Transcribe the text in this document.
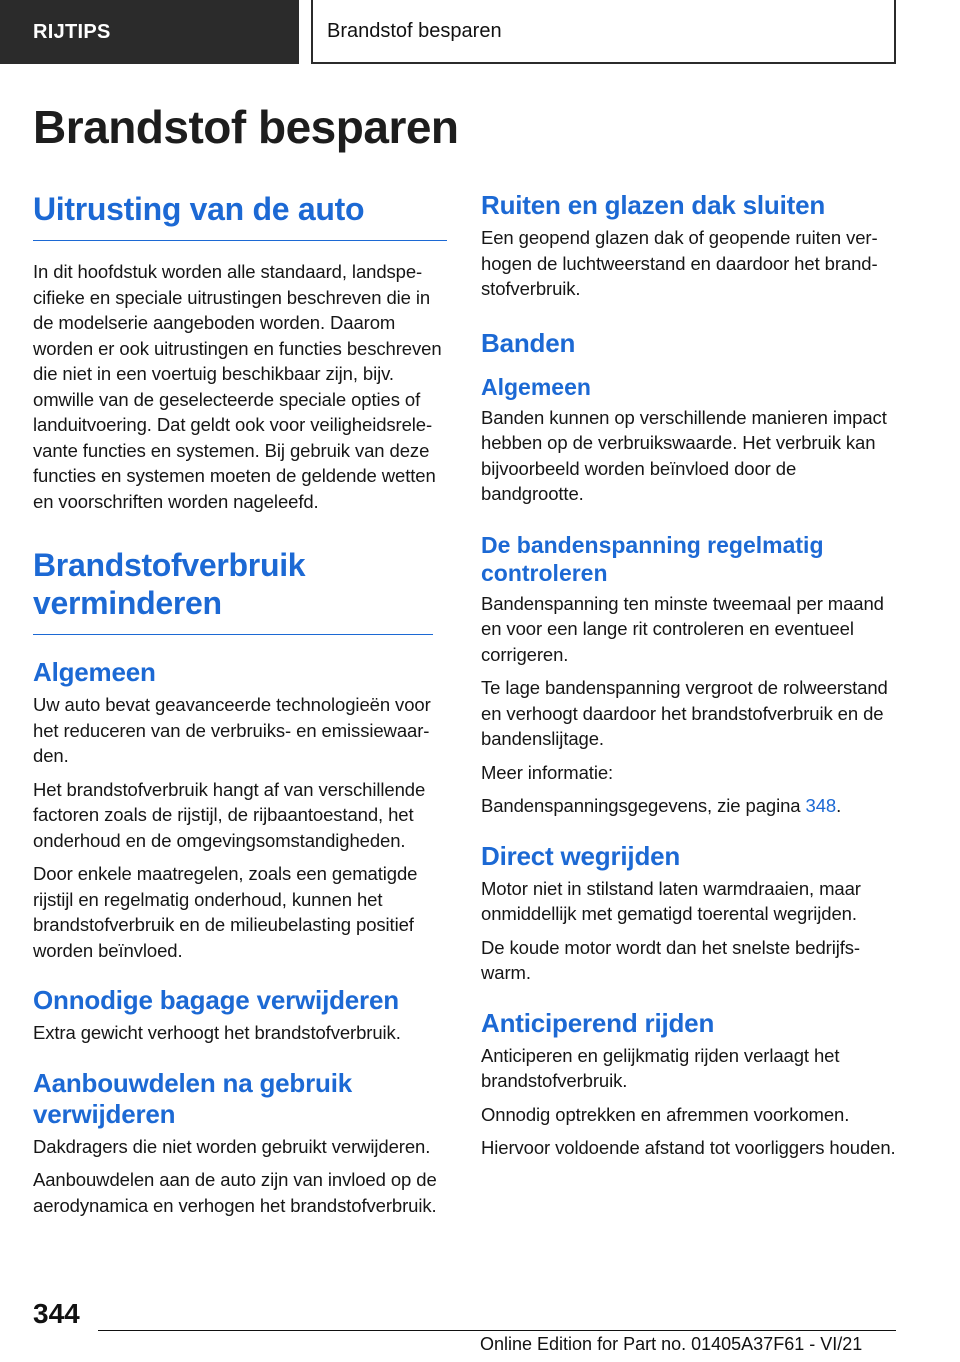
RIJTIPS	Brandstof besparen
Brandstof besparen
Uitrusting van de auto

In dit hoofdstuk worden alle standaard, landspecifieke en speciale uitrustingen beschreven die in de modelserie aangeboden worden. Daarom worden er ook uitrustingen en functies beschreven die niet in een voertuig beschikbaar zijn, bijv. omwille van de geselecteerde speciale opties of landuitvoering. Dat geldt ook voor veiligheidsrelevante functies en systemen. Bij gebruik van deze functies en systemen moeten de geldende wetten en voorschriften worden nageleefd.

Brandstofverbruik verminderen
Algemeen

Uw auto bevat geavanceerde technologieën voor het reduceren van de verbruiks- en emissiewaarden.

Het brandstofverbruik hangt af van verschillende factoren zoals de rijstijl, de rijbaantoestand, het onderhoud en de omgevingsomstandigheden.

Door enkele maatregelen, zoals een gematigde rijstijl en regelmatig onderhoud, kunnen het brandstofverbruik en de milieubelasting positief worden beïnvloed.

Onnodige bagage verwijderen

Extra gewicht verhoogt het brandstofverbruik.

Aanbouwdelen na gebruik verwijderen

Dakdragers die niet worden gebruikt verwijderen.

Aanbouwdelen aan de auto zijn van invloed op de aerodynamica en verhogen het brandstofverbruik.

Ruiten en glazen dak sluiten

Een geopend glazen dak of geopende ruiten verhogen de luchtweerstand en daardoor het brandstofverbruik.

Banden
Algemeen

Banden kunnen op verschillende manieren impact hebben op de verbruikswaarde. Het verbruik kan bijvoorbeeld worden beïnvloed door de bandgrootte.

De bandenspanning regelmatig controleren

Bandenspanning ten minste tweemaal per maand en voor een lange rit controleren en eventueel corrigeren.

Te lage bandenspanning vergroot de rolweerstand en verhoogt daardoor het brandstofverbruik en de bandenslijtage.

Meer informatie:

Bandenspanningsgegevens, zie pagina 348.

Direct wegrijden

Motor niet in stilstand laten warmdraaien, maar onmiddellijk met gematigd toerental wegrijden.

De koude motor wordt dan het snelste bedrijfswarm.

Anticiperend rijden

Anticiperen en gelijkmatig rijden verlaagt het brandstofverbruik.

Onnodig optrekken en afremmen voorkomen.

Hiervoor voldoende afstand tot voorliggers houden.

344
Online Edition for Part no. 01405A37F61 - VI/21
